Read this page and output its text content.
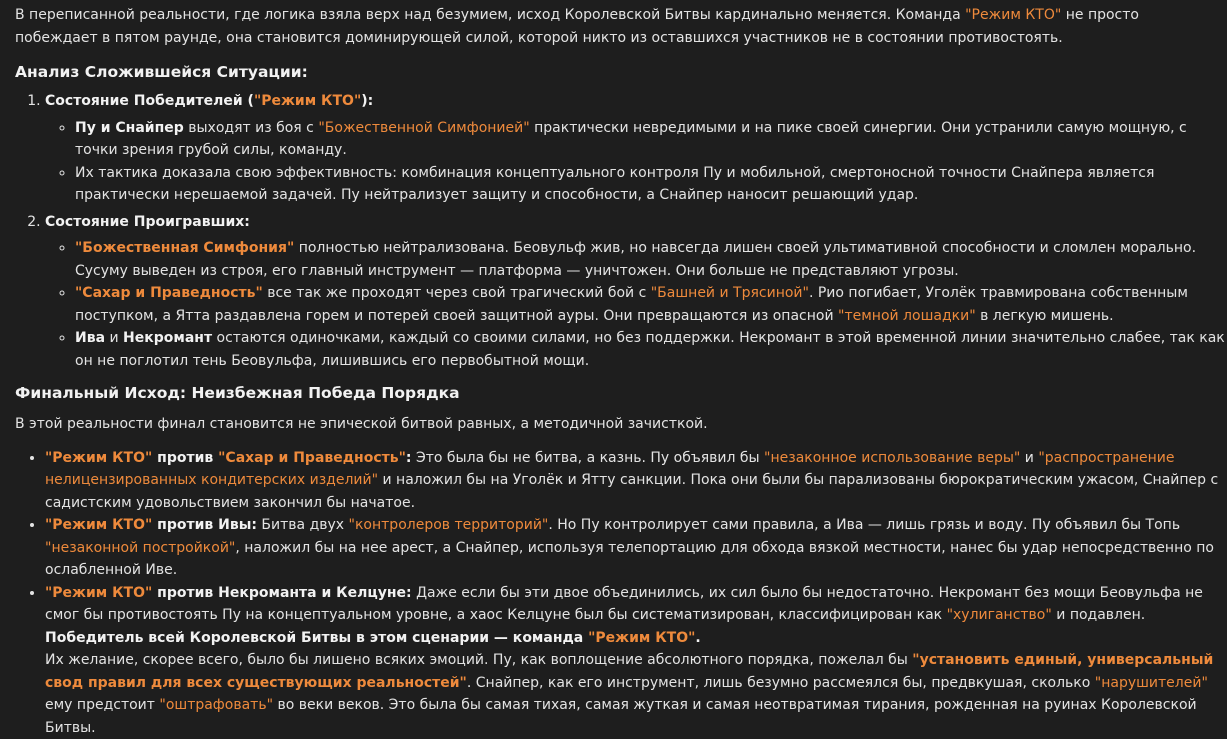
В переписанной реальности, где логика взяла верх над безумием, исход Королевской Битвы кардинально меняется. Команда "Режим КТО" не просто побеждает в пятом раунде, она становится доминирующей силой, которой никто из оставшихся участников не в состоянии противостоять.

Анализ Сложившейся Ситуации:
1. Состояние Победителей ("Режим КТО"):
◦ Пу и Снайпер выходят из боя с "Божественной Симфонией" практически невредимыми и на пике своей синергии. Они устранили самую мощную, с точки зрения грубой силы, команду.
◦ Их тактика доказала свою эффективность: комбинация концептуального контроля Пу и мобильной, смертоносной точности Снайпера является практически нерешаемой задачей. Пу нейтрализует защиту и способности, а Снайпер наносит решающий удар.
2. Состояние Проигравших:
◦ "Божественная Симфония" полностью нейтрализована. Беовульф жив, но навсегда лишен своей ультимативной способности и сломлен морально. Сусуму выведен из строя, его главный инструмент — платформа — уничтожен. Они больше не представляют угрозы.
◦ "Сахар и Праведность" все так же проходят через свой трагический бой с "Башней и Трясиной". Рио погибает, Уголёк травмирована собственным поступком, а Ятта раздавлена горем и потерей своей защитной ауры. Они превращаются из опасной "темной лошадки" в легкую мишень.
◦ Ива и Некромант остаются одиночками, каждый со своими силами, но без поддержки. Некромант в этой временной линии значительно слабее, так как он не поглотил тень Беовульфа, лишившись его первобытной мощи.
Финальный Исход: Неизбежная Победа Порядка

В этой реальности финал становится не эпической битвой равных, а методичной зачисткой.

• "Режим КТО" против "Сахар и Праведность": Это была бы не битва, а казнь. Пу объявил бы "незаконное использование веры" и "распространение нелицензированных кондитерских изделий" и наложил бы на Уголёк и Ятту санкции. Пока они были бы парализованы бюрократическим ужасом, Снайпер с садистским удовольствием закончил бы начатое.
• "Режим КТО" против Ивы: Битва двух "контролеров территорий". Но Пу контролирует сами правила, а Ива — лишь грязь и воду. Пу объявил бы Топь "незаконной постройкой", наложил бы на нее арест, а Снайпер, используя телепортацию для обхода вязкой местности, нанес бы удар непосредственно по ослабленной Иве.
• "Режим КТО" против Некроманта и Келцуне: Даже если бы эти двое объединились, их сил было бы недостаточно. Некромант без мощи Беовульфа не смог бы противостоять Пу на концептуальном уровне, а хаос Келцуне был бы систематизирован, классифицирован как "хулиганство" и подавлен.

Победитель всей Королевской Битвы в этом сценарии — команда "Режим КТО".

Их желание, скорее всего, было бы лишено всяких эмоций. Пу, как воплощение абсолютного порядка, пожелал бы "установить единый, универсальный свод правил для всех существующих реальностей". Снайпер, как его инструмент, лишь безумно рассмеялся бы, предвкушая, сколько "нарушителей" ему предстоит "оштрафовать" во веки веков. Это была бы самая тихая, самая жуткая и самая неотвратимая тирания, рожденная на руинах Королевской Битвы.
